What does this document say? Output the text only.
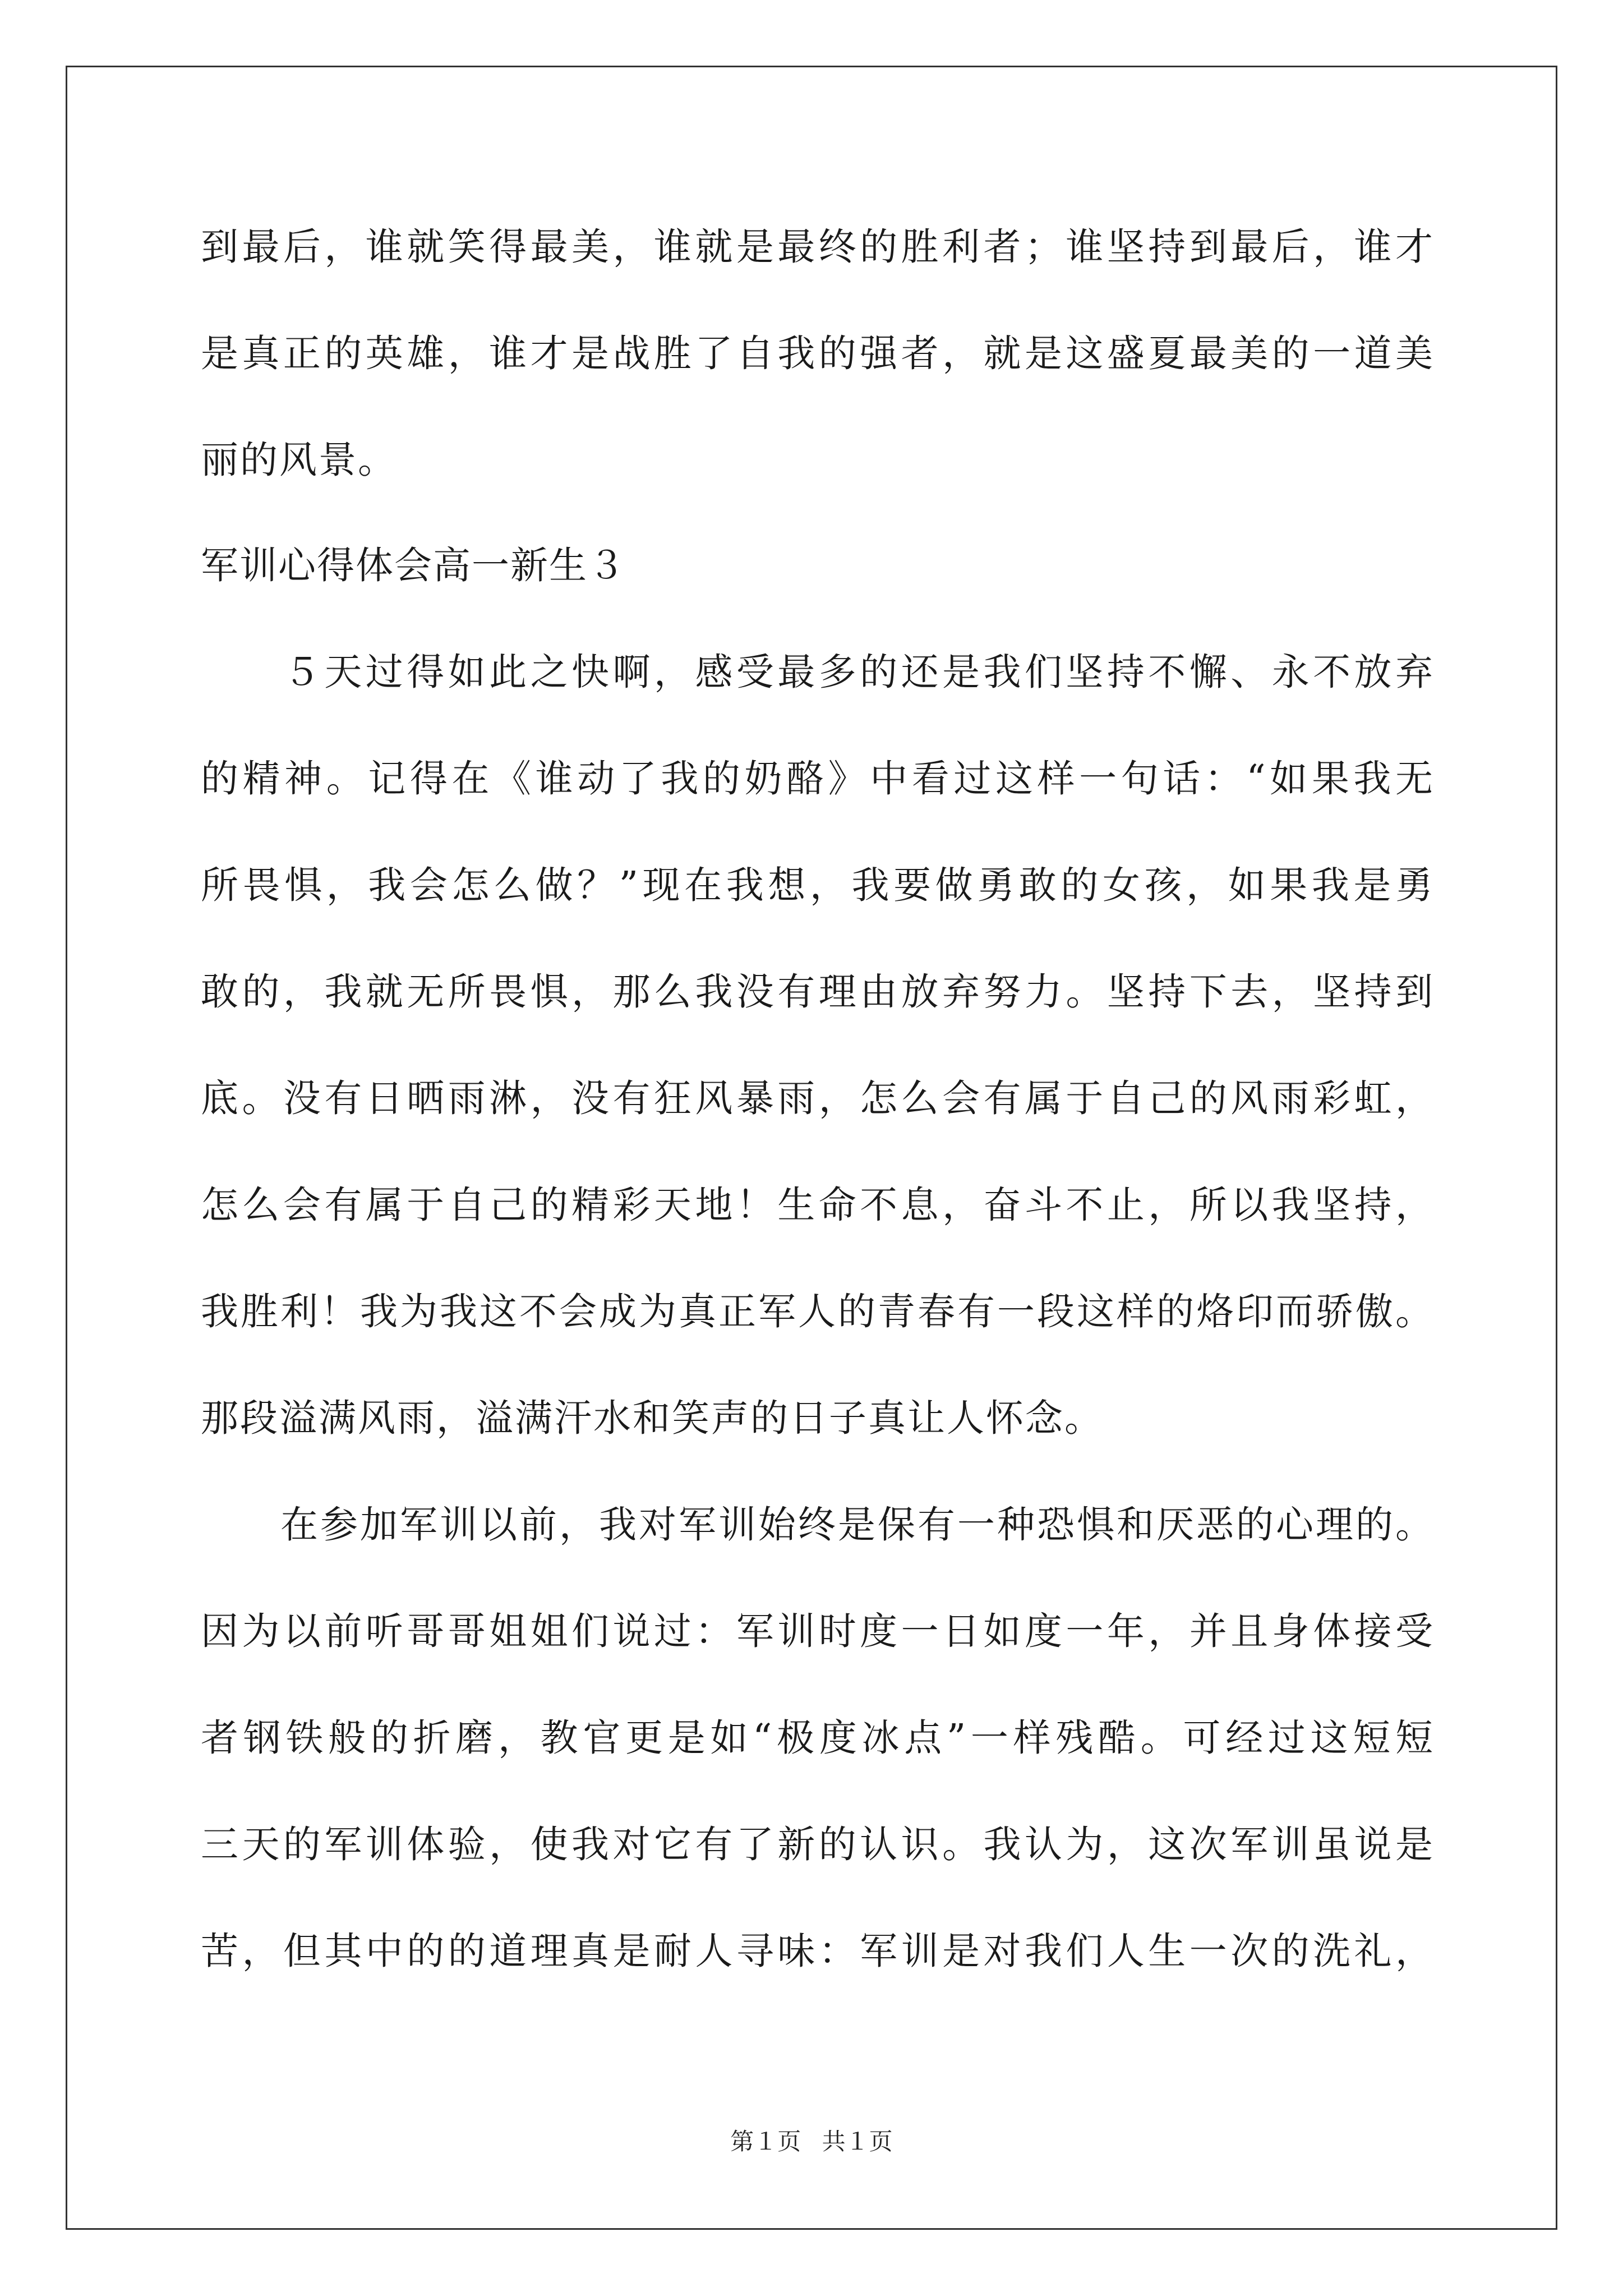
到最后，谁就笑得最美，谁就是最终的胜利者；谁坚持到最后，谁才
是真正的英雄，谁才是战胜了自我的强者，就是这盛夏最美的一道美
丽的风景。
军训心得体会高一新生３
　　５天过得如此之快啊，感受最多的还是我们坚持不懈、永不放弃
的精神。记得在《谁动了我的奶酪》中看过这样一句话：“如果我无
所畏惧，我会怎么做？”现在我想，我要做勇敢的女孩，如果我是勇
敢的，我就无所畏惧，那么我没有理由放弃努力。坚持下去，坚持到
底。没有日晒雨淋，没有狂风暴雨，怎么会有属于自己的风雨彩虹，
怎么会有属于自己的精彩天地！生命不息，奋斗不止，所以我坚持，
我胜利！我为我这不会成为真正军人的青春有一段这样的烙印而骄傲。
那段溢满风雨，溢满汗水和笑声的日子真让人怀念。
　　在参加军训以前，我对军训始终是保有一种恐惧和厌恶的心理的。
因为以前听哥哥姐姐们说过：军训时度一日如度一年，并且身体接受
者钢铁般的折磨，教官更是如“极度冰点”一样残酷。可经过这短短
三天的军训体验，使我对它有了新的认识。我认为，这次军训虽说是
苦，但其中的的道理真是耐人寻味：军训是对我们人生一次的洗礼，
第１页 共１页
